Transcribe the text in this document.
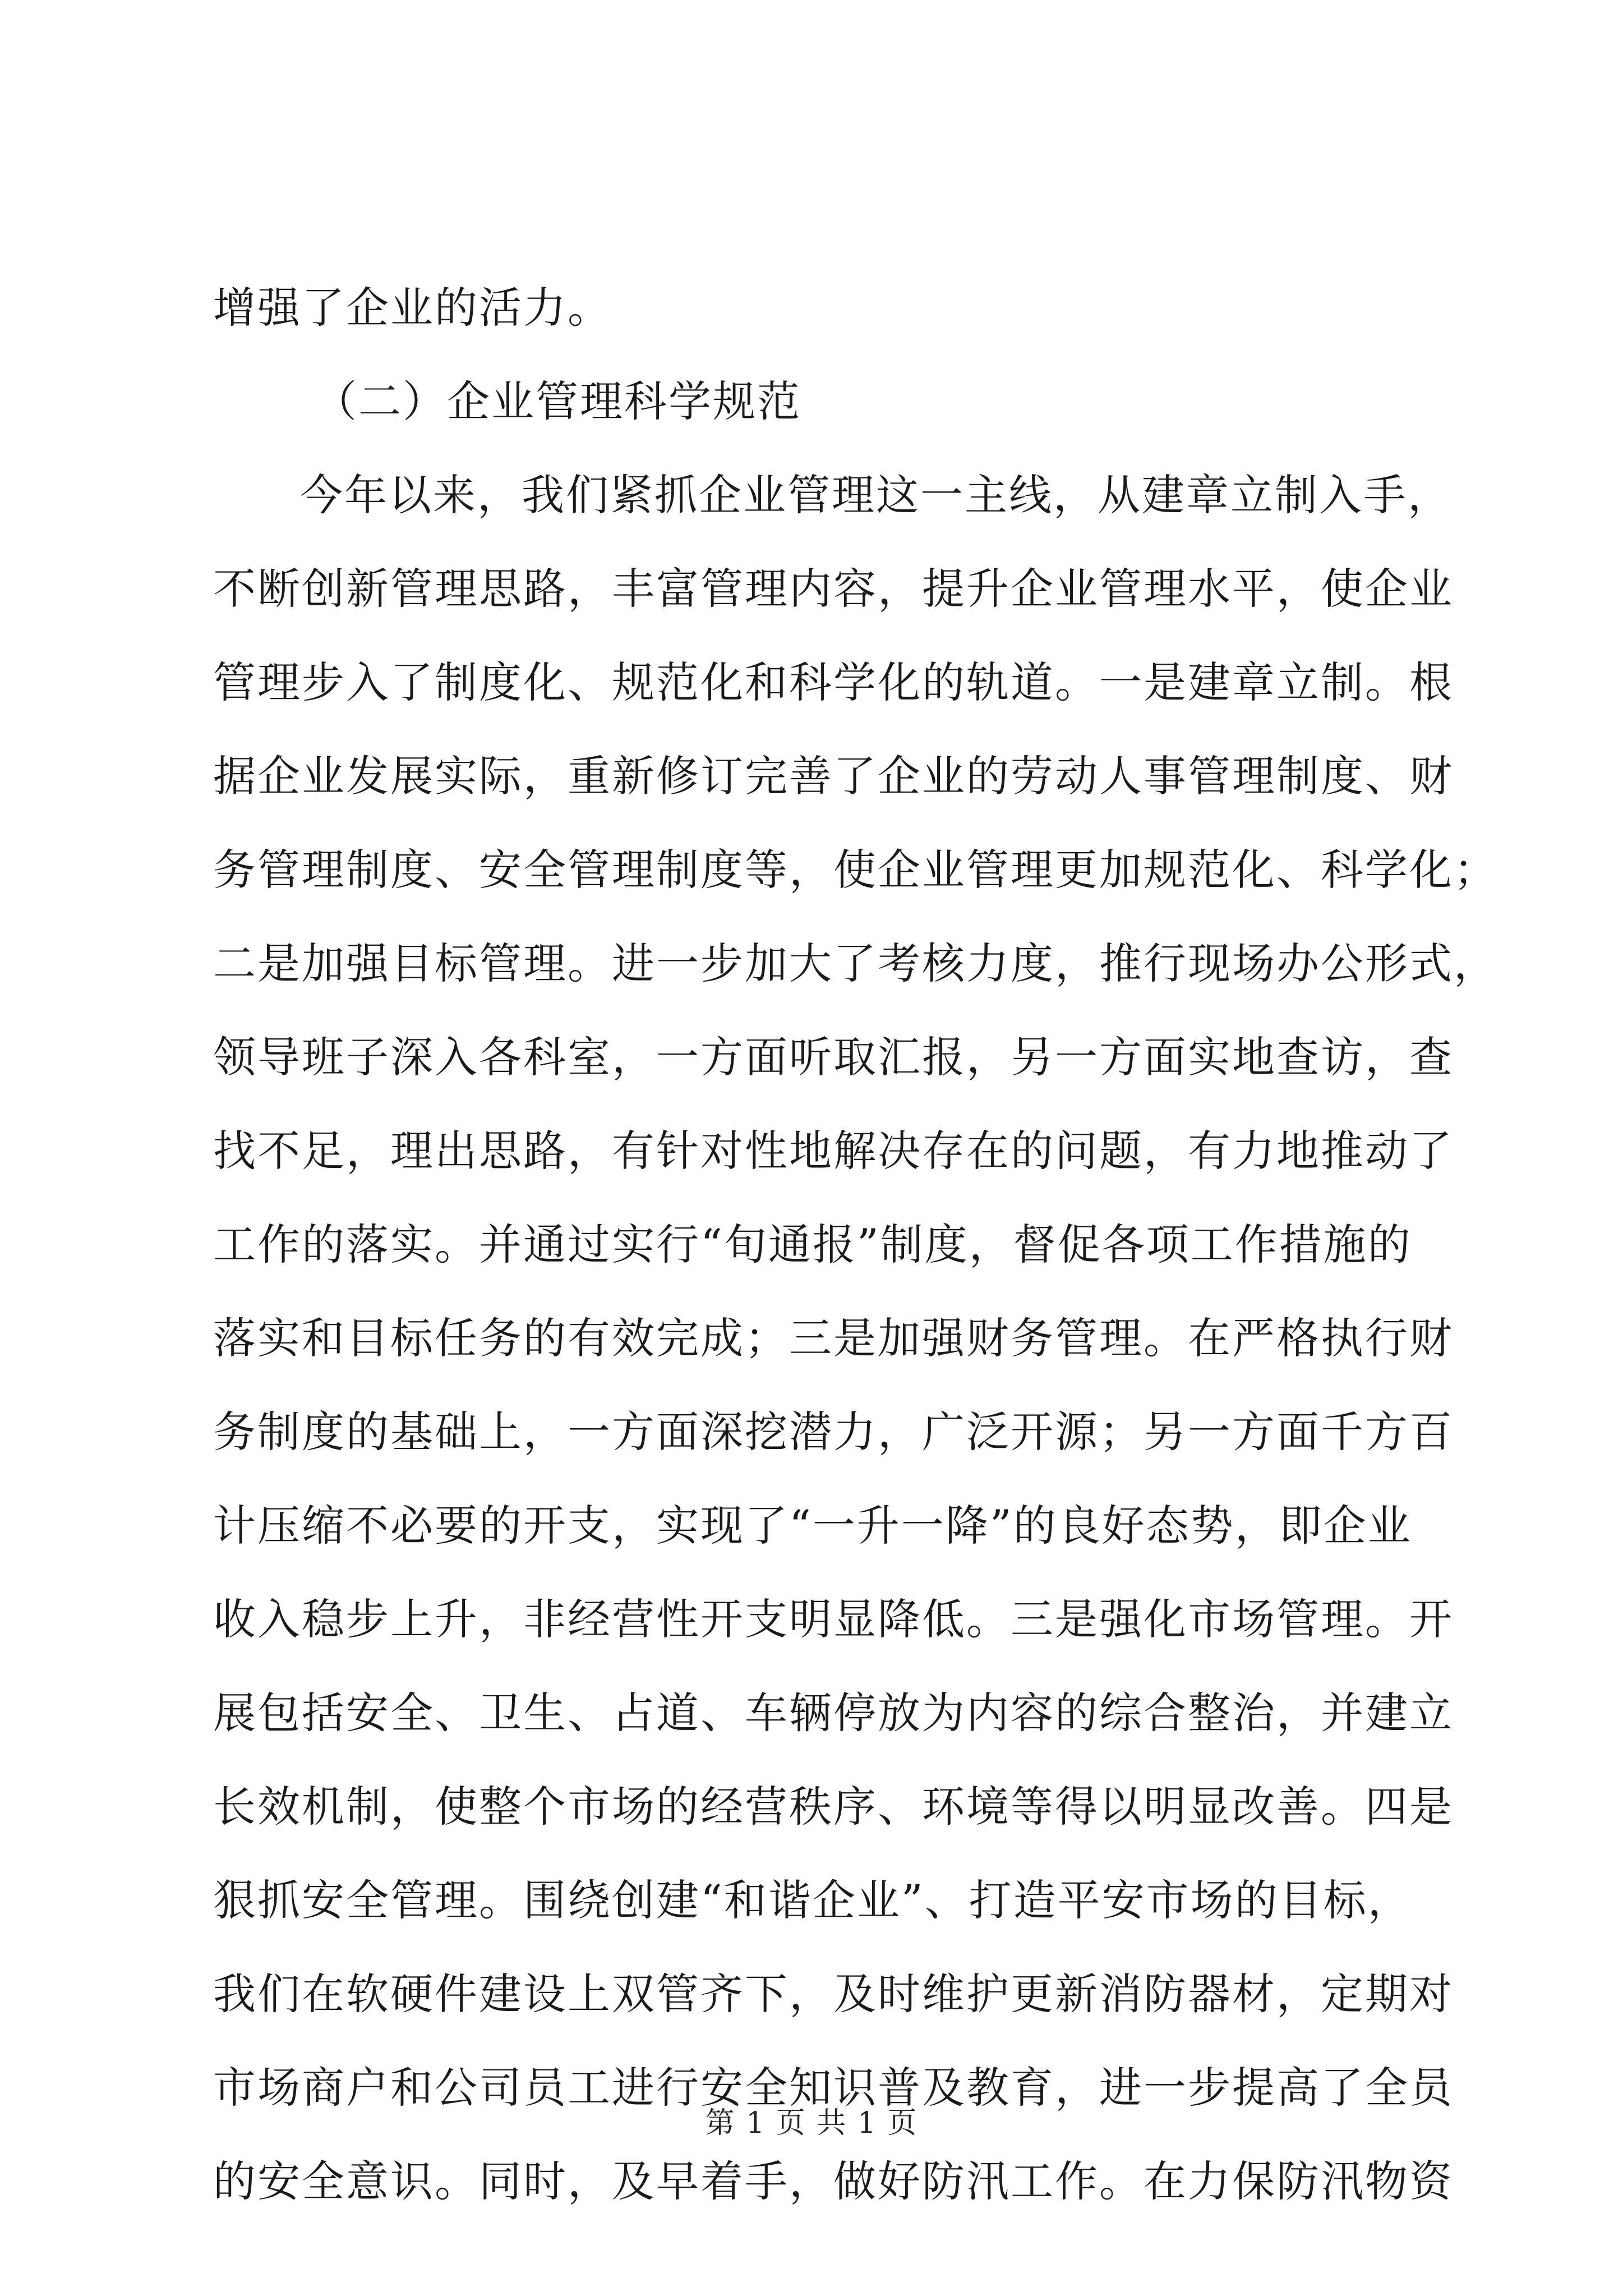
增强了企业的活力。
（二）企业管理科学规范
今年以来，我们紧抓企业管理这一主线，从建章立制入手，
不断创新管理思路，丰富管理内容，提升企业管理水平，使企业
管理步入了制度化、规范化和科学化的轨道。一是建章立制。根
据企业发展实际，重新修订完善了企业的劳动人事管理制度、财
务管理制度、安全管理制度等，使企业管理更加规范化、科学化；
二是加强目标管理。进一步加大了考核力度，推行现场办公形式，
领导班子深入各科室，一方面听取汇报，另一方面实地查访，查
找不足，理出思路，有针对性地解决存在的问题，有力地推动了
工作的落实。并通过实行“旬通报”制度，督促各项工作措施的
落实和目标任务的有效完成；三是加强财务管理。在严格执行财
务制度的基础上，一方面深挖潜力，广泛开源；另一方面千方百
计压缩不必要的开支，实现了“一升一降”的良好态势，即企业
收入稳步上升，非经营性开支明显降低。三是强化市场管理。开
展包括安全、卫生、占道、车辆停放为内容的综合整治，并建立
长效机制，使整个市场的经营秩序、环境等得以明显改善。四是
狠抓安全管理。围绕创建“和谐企业”、打造平安市场的目标，
我们在软硬件建设上双管齐下，及时维护更新消防器材，定期对
市场商户和公司员工进行安全知识普及教育，进一步提高了全员
的安全意识。同时，及早着手，做好防汛工作。在力保防汛物资
第 1 页 共 1 页
